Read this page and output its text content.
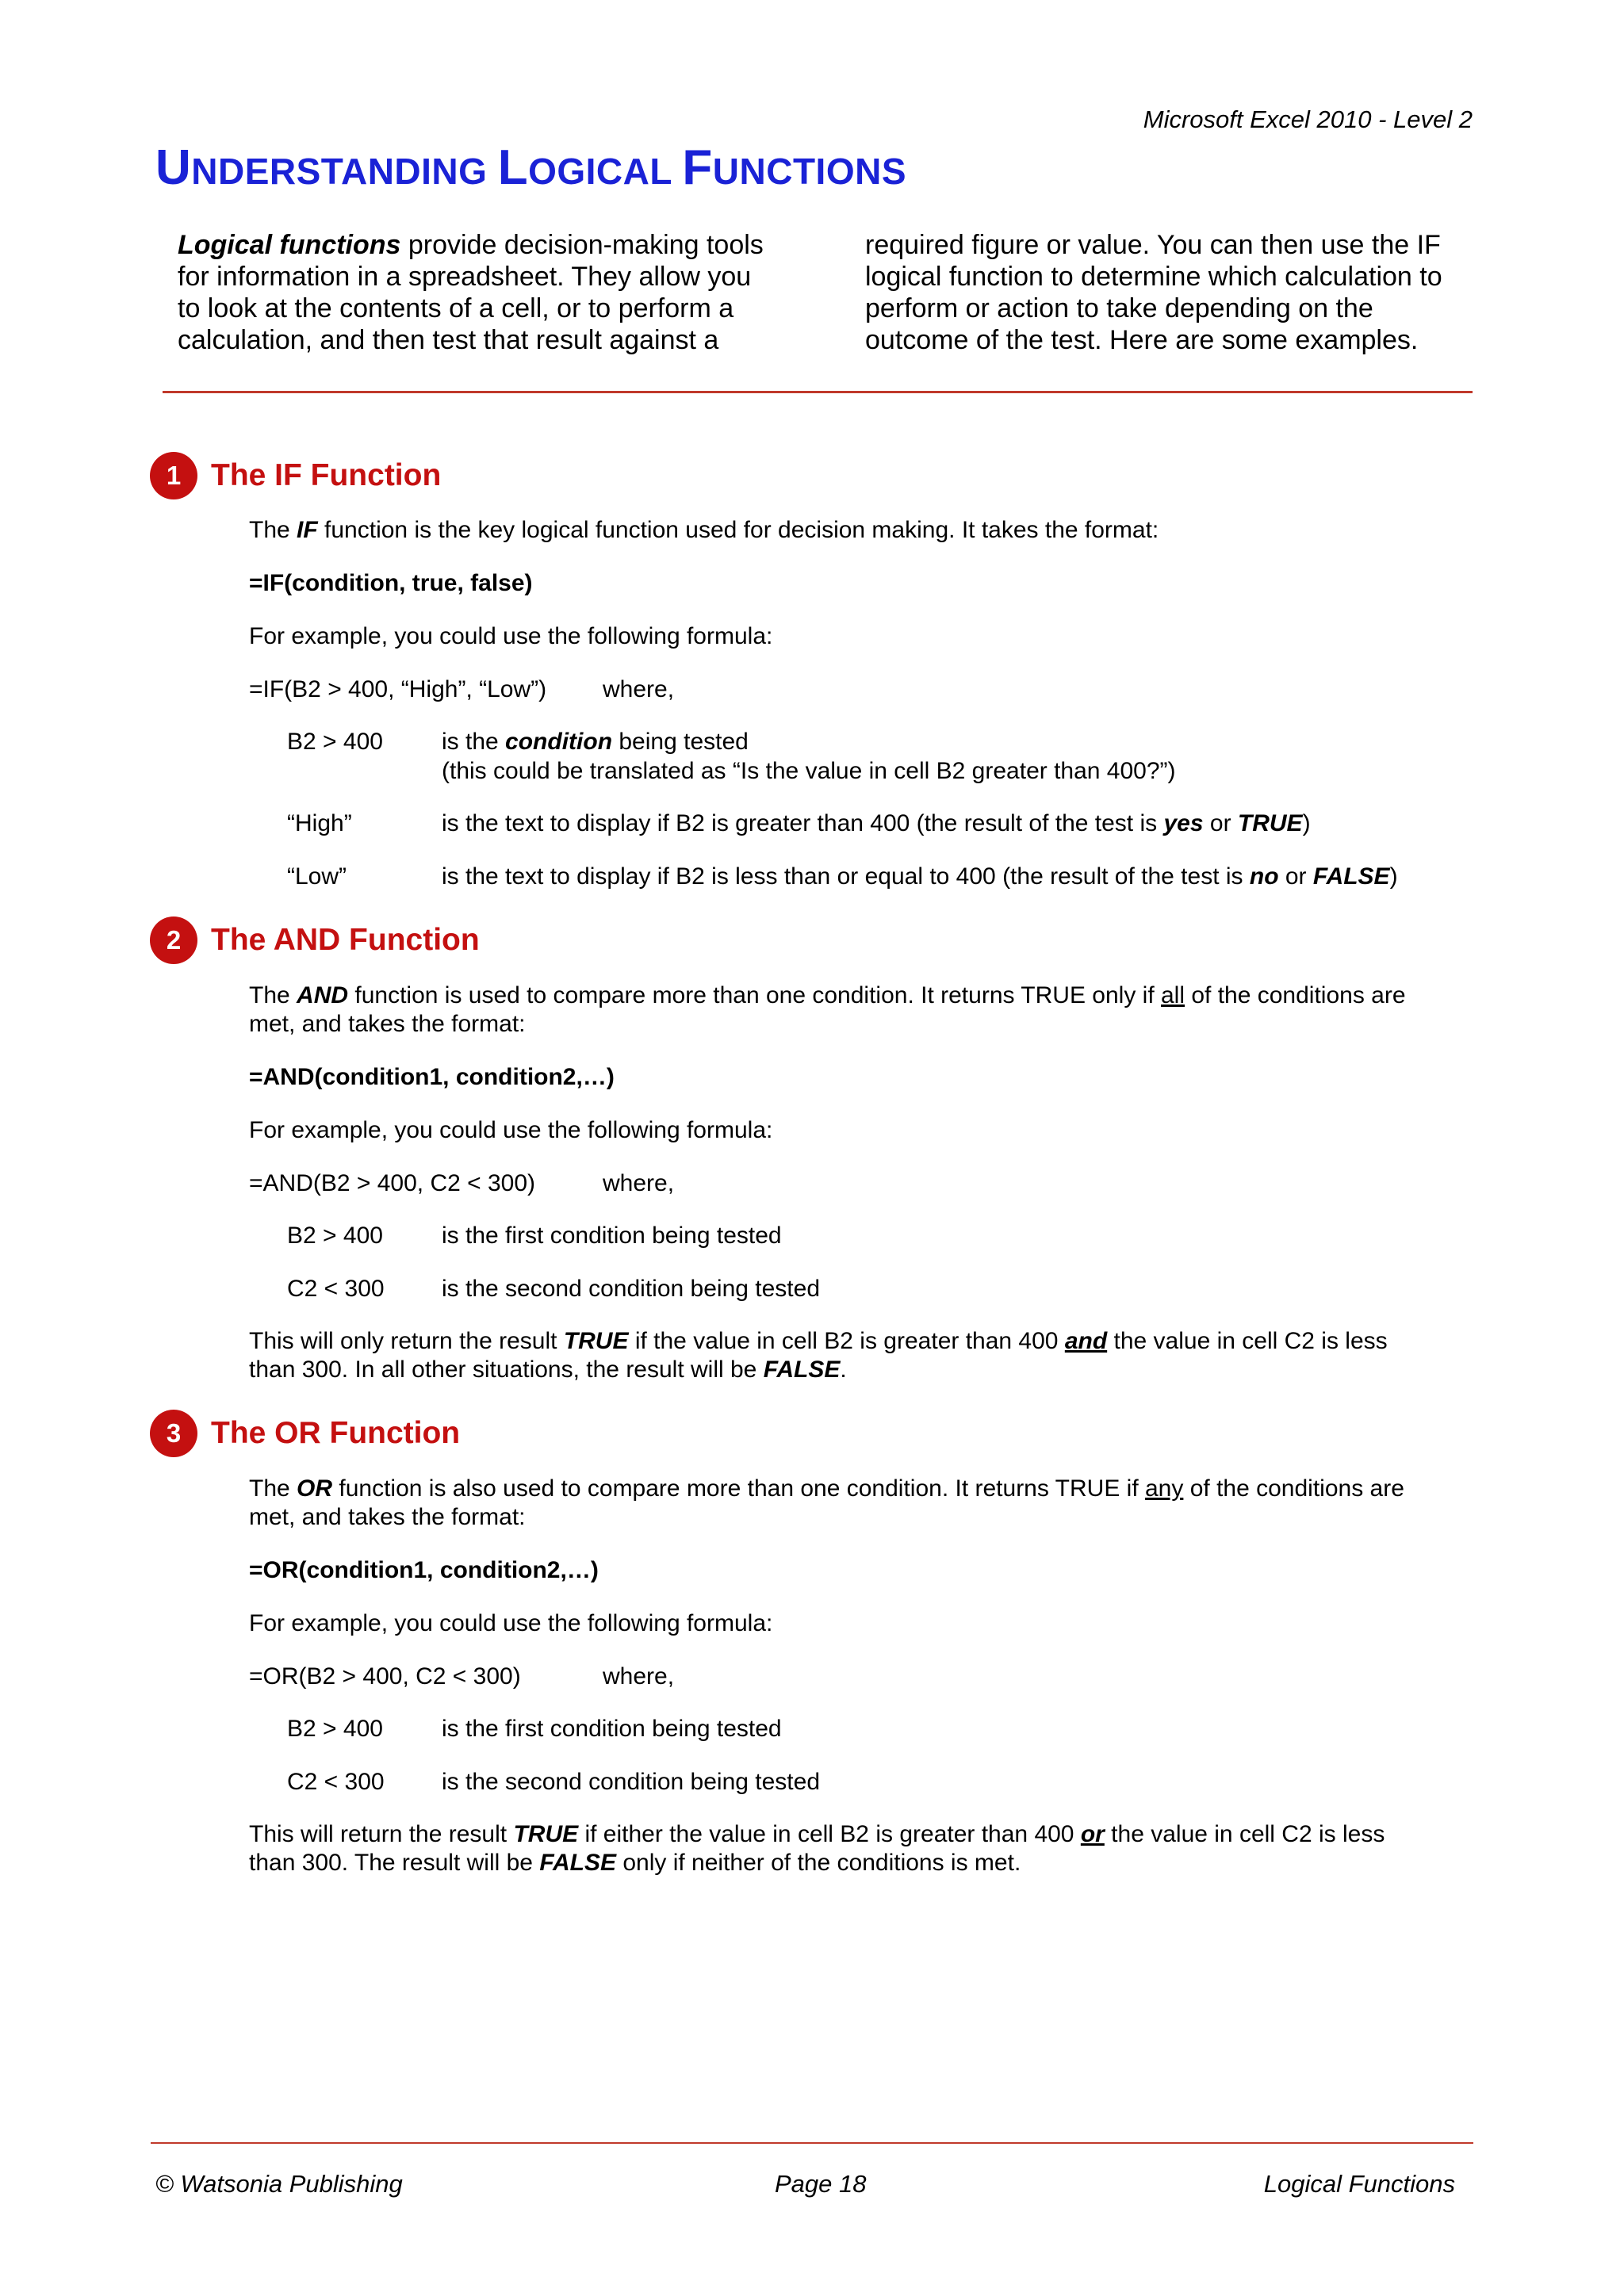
Microsoft Excel 2010 - Level 2
UNDERSTANDING LOGICAL FUNCTIONS
Logical functions provide decision-making tools for information in a spreadsheet. They allow you to look at the contents of a cell, or to perform a calculation, and then test that result against a
required figure or value. You can then use the IF logical function to determine which calculation to perform or action to take depending on the outcome of the test. Here are some examples.
1 The IF Function
The IF function is the key logical function used for decision making. It takes the format:
=IF(condition, true, false)
For example, you could use the following formula:
=IF(B2 > 400, “High”, “Low”) where,
B2 > 400 is the condition being tested
(this could be translated as “Is the value in cell B2 greater than 400?”)
“High”	is the text to display if B2 is greater than 400 (the result of the test is yes or TRUE)
“Low”	is the text to display if B2 is less than or equal to 400 (the result of the test is no or FALSE)
2 The AND Function
The AND function is used to compare more than one condition. It returns TRUE only if all of the conditions are
met, and takes the format:
=AND(condition1, condition2,…)
For example, you could use the following formula:
=AND(B2 > 400, C2 < 300)	where,
B2 > 400 is the first condition being tested
C2 < 300 is the second condition being tested
This will only return the result TRUE if the value in cell B2 is greater than 400 and the value in cell C2 is less
than 300. In all other situations, the result will be FALSE.
3 The OR Function
The OR function is also used to compare more than one condition. It returns TRUE if any of the conditions are
met, and takes the format:
=OR(condition1, condition2,…)
For example, you could use the following formula:
=OR(B2 > 400, C2 < 300)	where,
B2 > 400 is the first condition being tested
C2 < 300 is the second condition being tested
This will return the result TRUE if either the value in cell B2 is greater than 400 or the value in cell C2 is less
than 300. The result will be FALSE only if neither of the conditions is met.
© Watsonia Publishing	Page 18	Logical Functions
